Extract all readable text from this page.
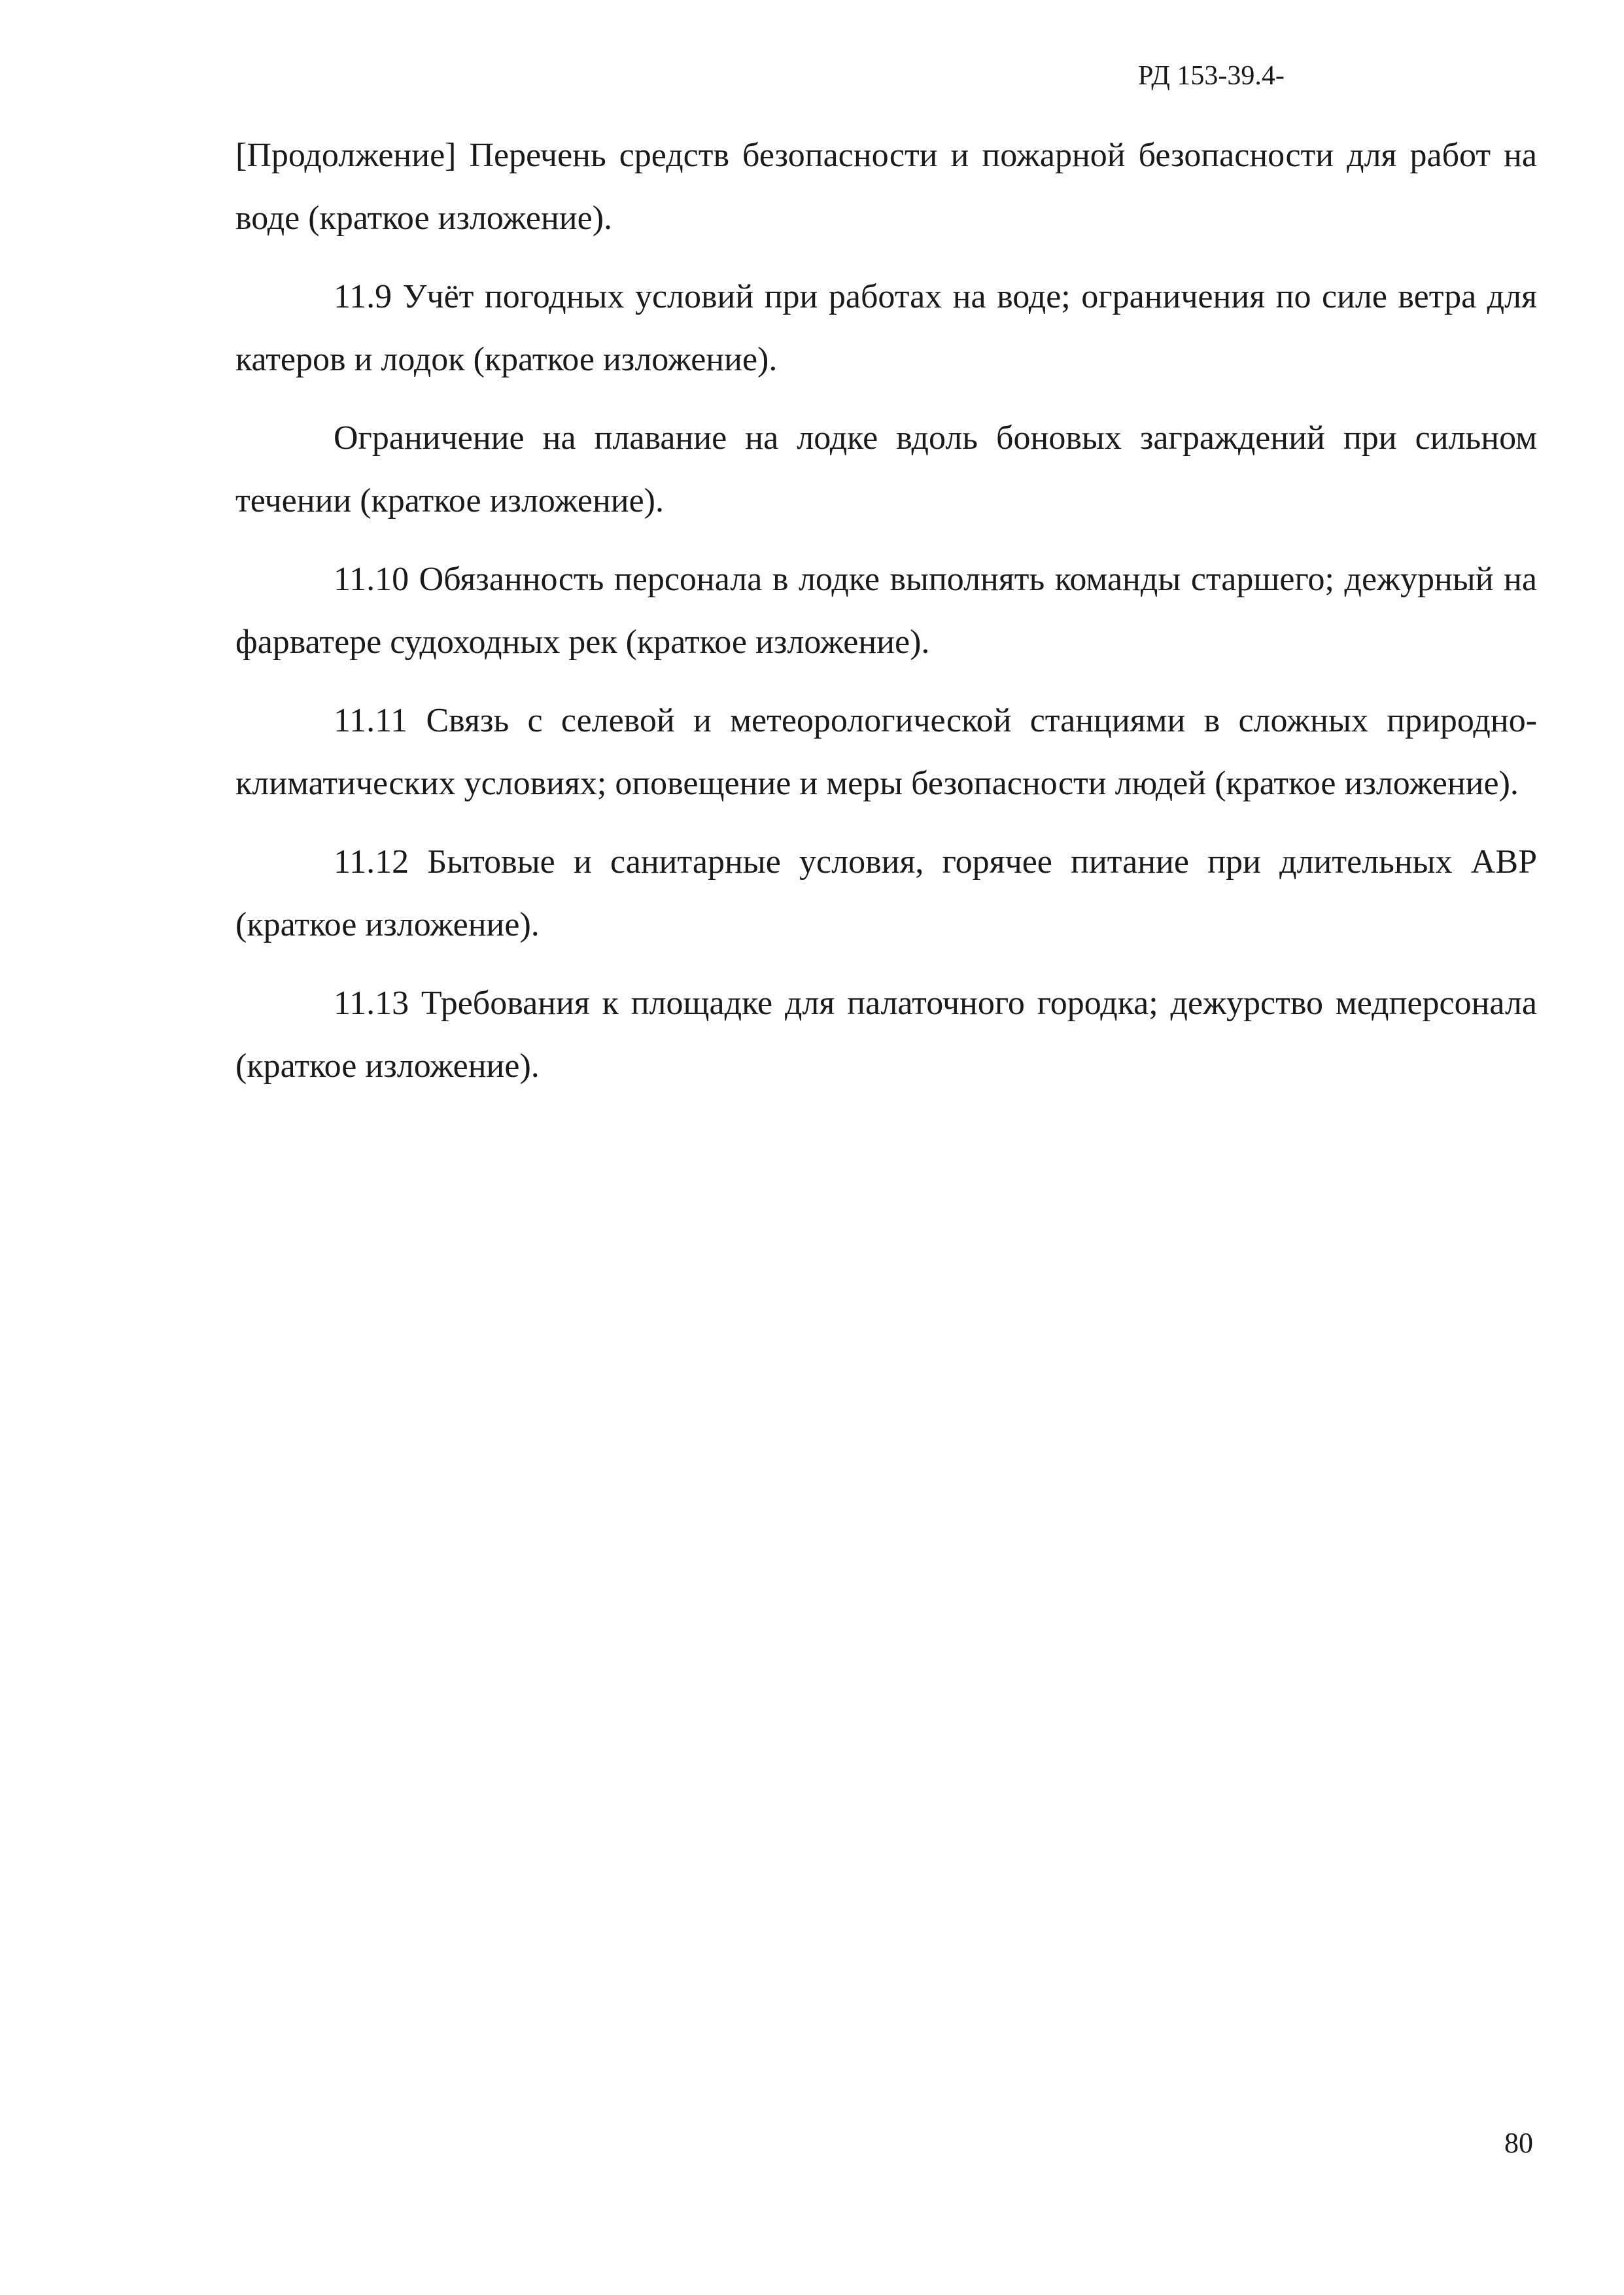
РД 153-39.4-

[Продолжение] Перечень средств безопасности и пожарной безопасности для работ на воде (краткое изложение).

11.9 Учёт погодных условий при работах на воде; ограничения по силе ветра для катеров и лодок (краткое изложение).

Ограничение на плавание на лодке вдоль боновых заграждений при сильном течении (краткое изложение).

11.10 Обязанность персонала в лодке выполнять команды старшего; дежурный на фарватере судоходных рек (краткое изложение).

11.11 Связь с селевой и метеорологической станциями в сложных природно-климатических условиях; оповещение и меры безопасности людей (краткое изложение).

11.12 Бытовые и санитарные условия, горячее питание при длительных АВР (краткое изложение).

11.13 Требования к площадке для палаточного городка; дежурство медперсонала (краткое изложение).

80
